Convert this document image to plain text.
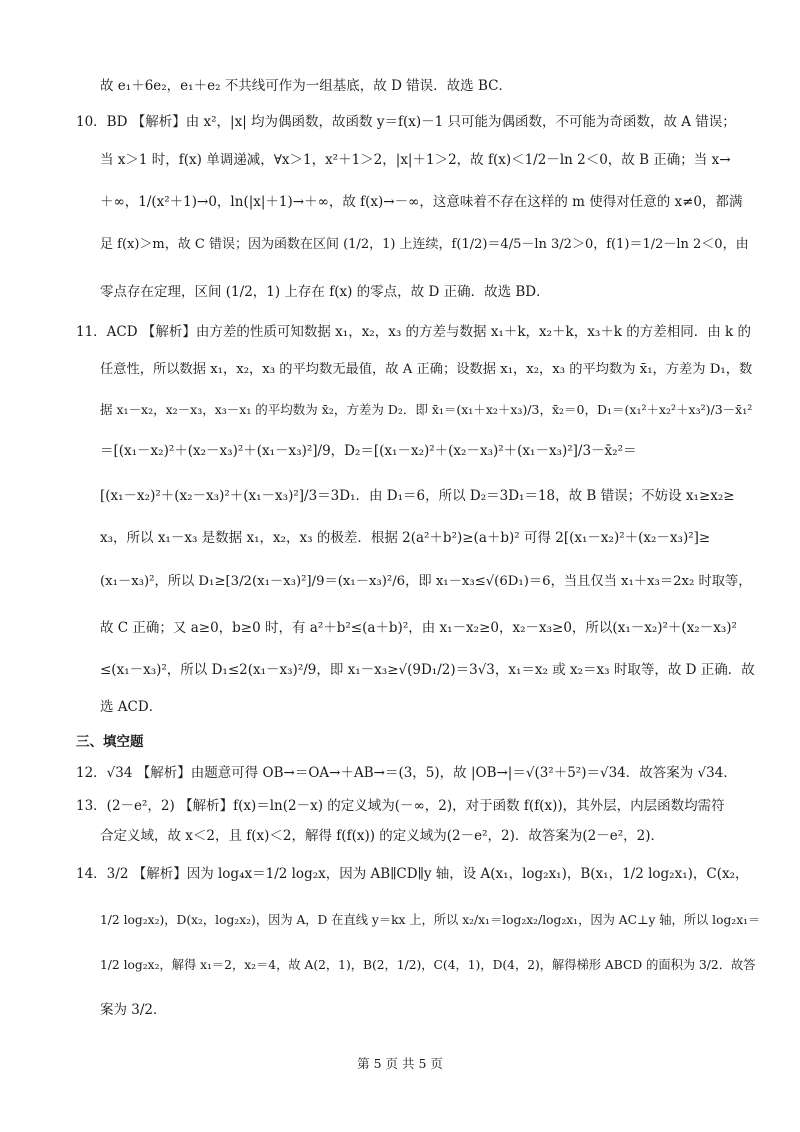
故 e₁＋6e₂，e₁＋e₂ 不共线可作为一组基底，故 D 错误．故选 BC．
10．BD 【解析】由 x²，|x| 均为偶函数，故函数 y＝f(x)－1 只可能为偶函数，不可能为奇函数，故 A 错误；
当 x＞1 时，f(x) 单调递减，∀x＞1，x²＋1＞2，|x|＋1＞2，故 f(x)＜1/2－ln 2＜0，故 B 正确；当 x→
＋∞，1/(x²＋1)→0，ln(|x|＋1)→＋∞，故 f(x)→－∞，这意味着不存在这样的 m 使得对任意的 x≠0，都满
足 f(x)＞m，故 C 错误；因为函数在区间 (1/2，1) 上连续，f(1/2)＝4/5－ln 3/2＞0，f(1)＝1/2－ln 2＜0，由
零点存在定理，区间 (1/2，1) 上存在 f(x) 的零点，故 D 正确．故选 BD．
11．ACD 【解析】由方差的性质可知数据 x₁，x₂，x₃ 的方差与数据 x₁＋k，x₂＋k，x₃＋k 的方差相同．由 k 的
任意性，所以数据 x₁，x₂，x₃ 的平均数无最值，故 A 正确；设数据 x₁，x₂，x₃ 的平均数为 x̄₁，方差为 D₁，数
据 x₁－x₂，x₂－x₃，x₃－x₁ 的平均数为 x̄₂，方差为 D₂．即 x̄₁＝(x₁＋x₂＋x₃)/3，x̄₂＝0，D₁＝(x₁²＋x₂²＋x₃²)/3－x̄₁²
＝[(x₁－x₂)²＋(x₂－x₃)²＋(x₁－x₃)²]/9，D₂＝[(x₁－x₂)²＋(x₂－x₃)²＋(x₁－x₃)²]/3－x̄₂²＝
[(x₁－x₂)²＋(x₂－x₃)²＋(x₁－x₃)²]/3＝3D₁．由 D₁＝6，所以 D₂＝3D₁＝18，故 B 错误；不妨设 x₁≥x₂≥
x₃，所以 x₁－x₃ 是数据 x₁，x₂，x₃ 的极差．根据 2(a²＋b²)≥(a＋b)² 可得 2[(x₁－x₂)²＋(x₂－x₃)²]≥
(x₁－x₃)²，所以 D₁≥[3/2(x₁－x₃)²]/9＝(x₁－x₃)²/6，即 x₁－x₃≤√(6D₁)＝6，当且仅当 x₁＋x₃＝2x₂ 时取等，
故 C 正确；又 a≥0，b≥0 时，有 a²＋b²≤(a＋b)²，由 x₁－x₂≥0，x₂－x₃≥0，所以(x₁－x₂)²＋(x₂－x₃)²
≤(x₁－x₃)²，所以 D₁≤2(x₁－x₃)²/9，即 x₁－x₃≥√(9D₁/2)＝3√3，x₁＝x₂ 或 x₂＝x₃ 时取等，故 D 正确．故
选 ACD．
三、填空题
12．√34 【解析】由题意可得 OB→＝OA→＋AB→＝(3，5)，故 |OB→|＝√(3²＋5²)＝√34．故答案为 √34．
13．(2－e²，2) 【解析】f(x)＝ln(2－x) 的定义域为(－∞，2)，对于函数 f(f(x))，其外层，内层函数均需符
合定义域，故 x＜2，且 f(x)＜2，解得 f(f(x)) 的定义域为(2－e²，2)．故答案为(2－e²，2)．
14．3/2 【解析】因为 log₄x＝1/2 log₂x，因为 AB∥CD∥y 轴，设 A(x₁，log₂x₁)，B(x₁，1/2 log₂x₁)，C(x₂，
1/2 log₂x₂)，D(x₂，log₂x₂)，因为 A，D 在直线 y＝kx 上，所以 x₂/x₁＝log₂x₂/log₂x₁，因为 AC⊥y 轴，所以 log₂x₁＝
1/2 log₂x₂，解得 x₁＝2，x₂＝4，故 A(2，1)，B(2，1/2)，C(4，1)，D(4，2)，解得梯形 ABCD 的面积为 3/2．故答
案为 3/2．
第 5 页 共 5 页
